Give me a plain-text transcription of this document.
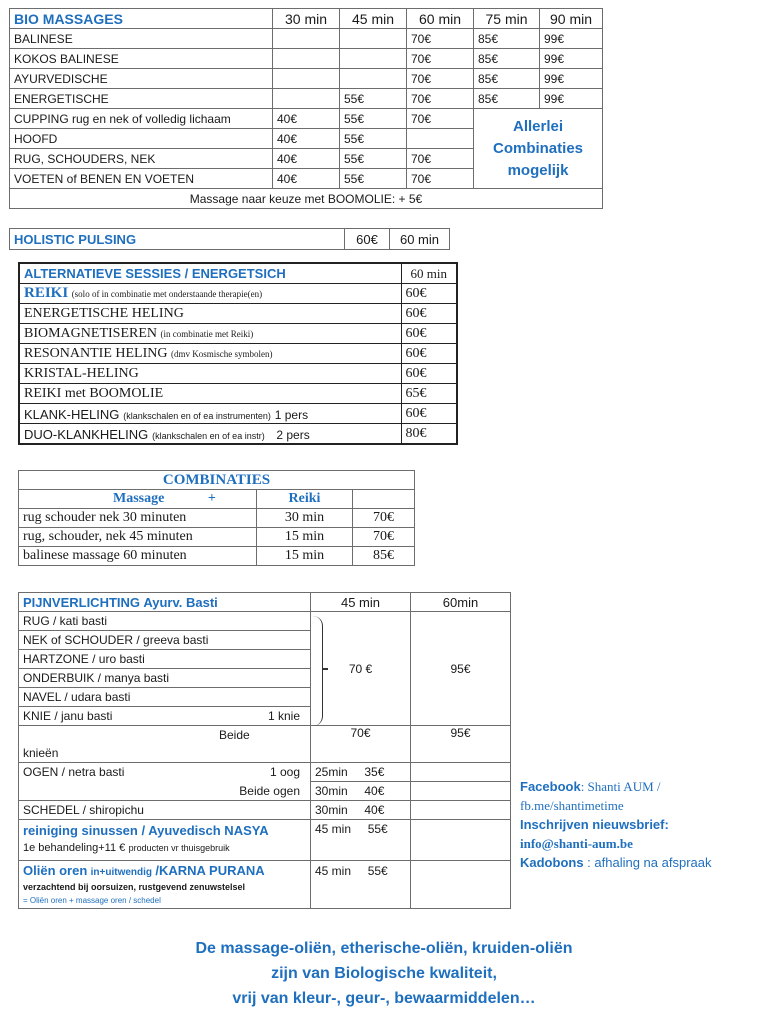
BIO MASSAGES	30 min	45 min	60 min	75 min	90 min
BALINESE			70€	85€	99€
KOKOS BALINESE			70€	85€	99€
AYURVEDISCHE			70€	85€	99€
ENERGETISCHE		55€	70€	85€	99€
CUPPING rug en nek of volledig lichaam	40€	55€	70€	Allerlei Combinaties mogelijk	
HOOFD	40€	55€			
RUG, SCHOUDERS, NEK	40€	55€	70€		
VOETEN of BENEN EN VOETEN	40€	55€	70€		
Massage naar keuze met BOOMOLIE: + 5€					
HOLISTIC PULSING	60€	60 min
ALTERNATIEVE SESSIES / ENERGETSICH	60 min
REIKI (solo of in combinatie met onderstaande therapie(en)	60€
ENERGETISCHE HELING	60€
BIOMAGNETISEREN (in combinatie met Reiki)	60€
RESONANTIE HELING (dmv Kosmische symbolen)	60€
KRISTAL-HELING	60€
REIKI met BOOMOLIE	65€
KLANK-HELING (klankschalen en of ea instrumenten) 1 pers	60€
DUO-KLANKHELING (klankschalen en of ea instr) 2 pers	80€
COMBINATIES		
Massage +	Reiki	
rug schouder nek 30 minuten	30 min	70€
rug, schouder, nek 45 minuten	15 min	70€
balinese massage 60 minuten	15 min	85€
PIJNVERLICHTING Ayurv. Basti	45 min	60min
RUG / kati basti	70 €	95€
NEK of SCHOUDER / greeva basti		
HARTZONE / uro basti		
ONDERBUIK / manya basti		
NAVEL / udara basti		
KNIE / janu basti 1 knie		

Beide	70€	95€
knieën		
OGEN / netra basti 1 oog	25min 35€	
Beide ogen	30min 40€	
SCHEDEL / shiropichu	30min 40€	

reiniging sinussen / Ayuvedisch NASYA
1e behandeling+11 € producten vr thuisgebruik	45 min 55€	

Oliën oren in+uitwendig /KARNA PURANA
verzachtend bij oorsuizen, rustgevend zenuwstelsel
= Oliën oren + massage oren / schedel	45 min 55€	
Facebook: Shanti AUM /
fb.me/shantimetime
Inschrijven nieuwsbrief:
info@shanti-aum.be
Kadobons : afhaling na afspraak
De massage-oliën, etherische-oliën, kruiden-oliën
zijn van Biologische kwaliteit,
vrij van kleur-, geur-, bewaarmiddelen…
